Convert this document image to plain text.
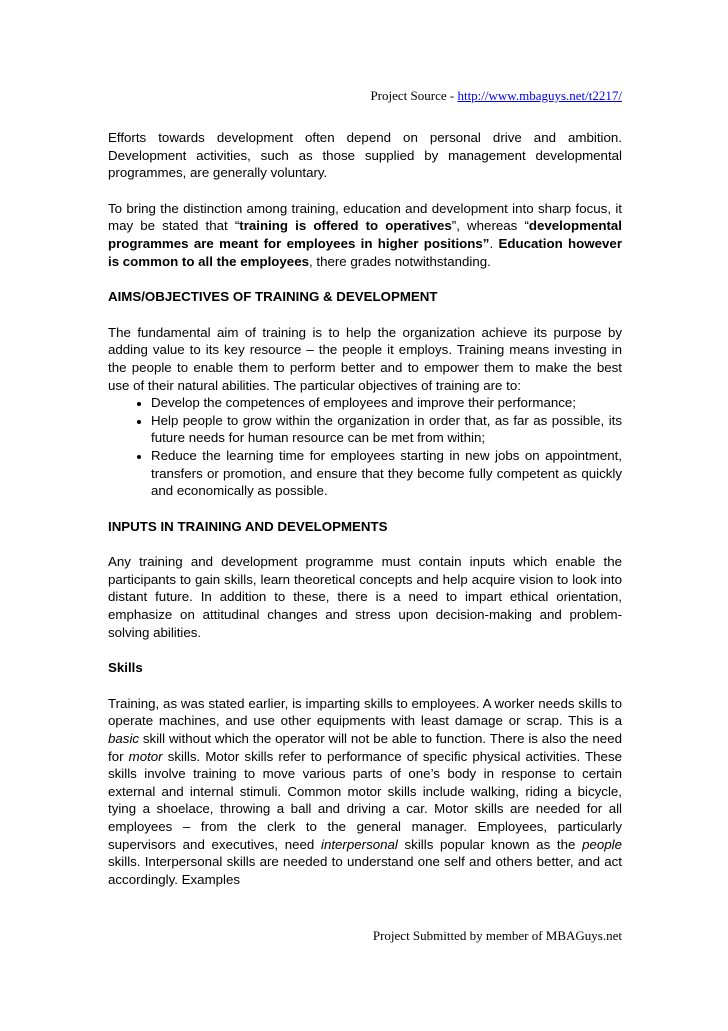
Project Source - http://www.mbaguys.net/t2217/

Efforts towards development often depend on personal drive and ambition. Development activities, such as those supplied by management developmental programmes, are generally voluntary.

To bring the distinction among training, education and development into sharp focus, it may be stated that “training is offered to operatives”, whereas “developmental programmes are meant for employees in higher positions”. Education however is common to all the employees, there grades notwithstanding.

AIMS/OBJECTIVES OF TRAINING & DEVELOPMENT

The fundamental aim of training is to help the organization achieve its purpose by adding value to its key resource – the people it employs. Training means investing in the people to enable them to perform better and to empower them to make the best use of their natural abilities. The particular objectives of training are to:

• Develop the competences of employees and improve their performance;
• Help people to grow within the organization in order that, as far as possible, its future needs for human resource can be met from within;
• Reduce the learning time for employees starting in new jobs on appointment, transfers or promotion, and ensure that they become fully competent as quickly and economically as possible.
INPUTS IN TRAINING AND DEVELOPMENTS

Any training and development programme must contain inputs which enable the participants to gain skills, learn theoretical concepts and help acquire vision to look into distant future. In addition to these, there is a need to impart ethical orientation, emphasize on attitudinal changes and stress upon decision-making and problem-solving abilities.

Skills

Training, as was stated earlier, is imparting skills to employees. A worker needs skills to operate machines, and use other equipments with least damage or scrap. This is a basic skill without which the operator will not be able to function. There is also the need for motor skills. Motor skills refer to performance of specific physical activities. These skills involve training to move various parts of one’s body in response to certain external and internal stimuli. Common motor skills include walking, riding a bicycle, tying a shoelace, throwing a ball and driving a car. Motor skills are needed for all employees – from the clerk to the general manager. Employees, particularly supervisors and executives, need interpersonal skills popular known as the people skills. Interpersonal skills are needed to understand one self and others better, and act accordingly. Examples

Project Submitted by member of MBAGuys.net
